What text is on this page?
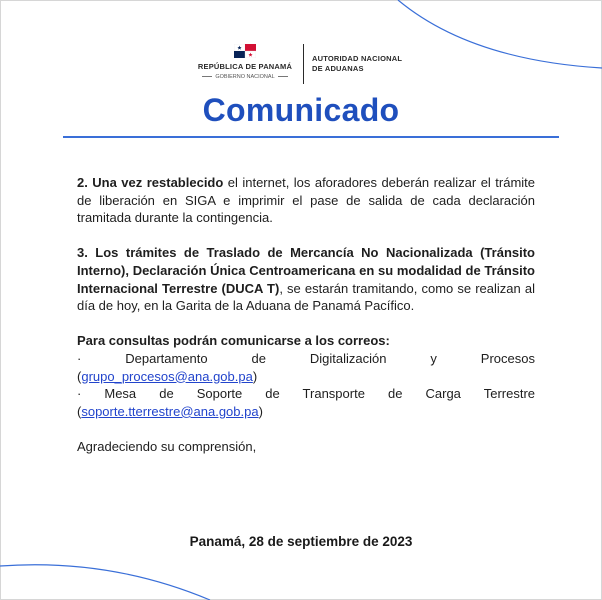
REPÚBLICA DE PANAMÁ
GOBIERNO NACIONAL
AUTORIDAD NACIONAL
DE ADUANAS
Comunicado

2. Una vez restablecido el internet, los aforadores deberán realizar el trámite de liberación en SIGA e imprimir el pase de salida de cada declaración tramitada durante la contingencia.

3. Los trámites de Traslado de Mercancía No Nacionalizada (Tránsito Interno), Declaración Única Centroamericana en su modalidad de Tránsito Internacional Terrestre (DUCA T), se estarán tramitando, como se realizan al día de hoy, en la Garita de la Aduana de Panamá Pacífico.

Para consultas podrán comunicarse a los correos:

· Departamento de Digitalización y Procesos

(grupo_procesos@ana.gob.pa)

· Mesa de Soporte de Transporte de Carga Terrestre

(soporte.tterrestre@ana.gob.pa)

Agradeciendo su comprensión,

Panamá, 28 de septiembre de 2023
